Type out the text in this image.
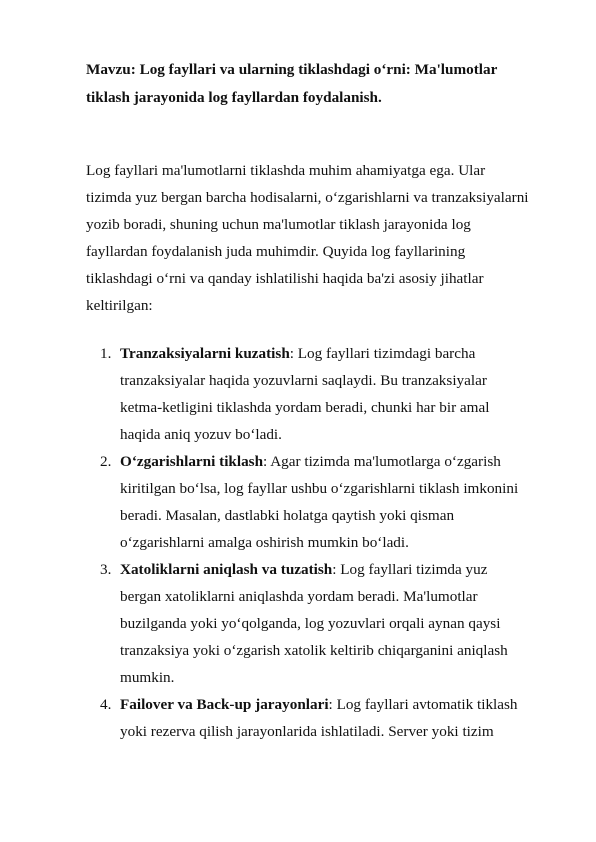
Mavzu: Log fayllari va ularning tiklashdagi o‘rni: Ma'lumotlar
tiklash jarayonida log fayllardan foydalanish.
Log fayllari ma'lumotlarni tiklashda muhim ahamiyatga ega. Ular
tizimda yuz bergan barcha hodisalarni, o‘zgarishlarni va tranzaksiyalarni
yozib boradi, shuning uchun ma'lumotlar tiklash jarayonida log
fayllardan foydalanish juda muhimdir. Quyida log fayllarining
tiklashdagi o‘rni va qanday ishlatilishi haqida ba'zi asosiy jihatlar
keltirilgan:
1. Tranzaksiyalarni kuzatish: Log fayllari tizimdagi barcha
tranzaksiyalar haqida yozuvlarni saqlaydi. Bu tranzaksiyalar
ketma-ketligini tiklashda yordam beradi, chunki har bir amal
haqida aniq yozuv bo‘ladi.
2. O‘zgarishlarni tiklash: Agar tizimda ma'lumotlarga o‘zgarish
kiritilgan bo‘lsa, log fayllar ushbu o‘zgarishlarni tiklash imkonini
beradi. Masalan, dastlabki holatga qaytish yoki qisman
o‘zgarishlarni amalga oshirish mumkin bo‘ladi.
3. Xatoliklarni aniqlash va tuzatish: Log fayllari tizimda yuz
bergan xatoliklarni aniqlashda yordam beradi. Ma'lumotlar
buzilganda yoki yo‘qolganda, log yozuvlari orqali aynan qaysi
tranzaksiya yoki o‘zgarish xatolik keltirib chiqarganini aniqlash
mumkin.
4. Failover va Back-up jarayonlari: Log fayllari avtomatik tiklash
yoki rezerva qilish jarayonlarida ishlatiladi. Server yoki tizim
